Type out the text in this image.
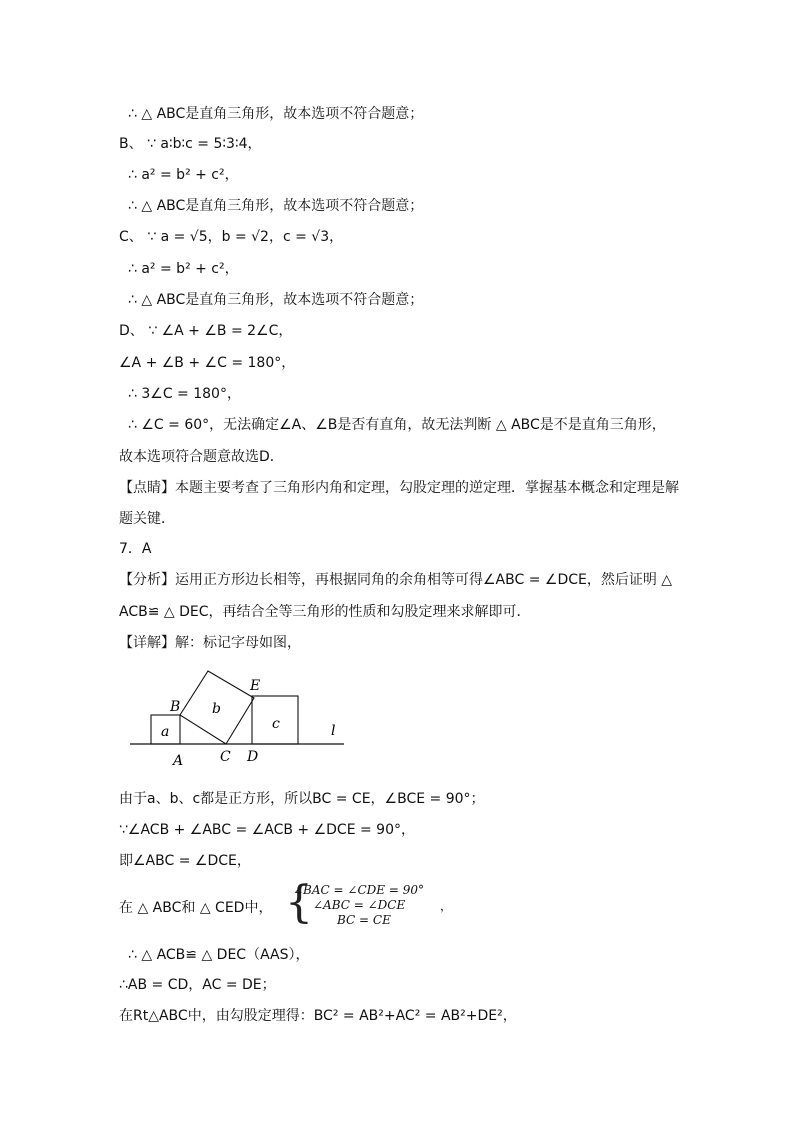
∴ △ ABC是直角三角形，故本选项不符合题意；
B、 ∵ a∶b∶c = 5∶3∶4，
∴ a² = b² + c²，
∴ △ ABC是直角三角形，故本选项不符合题意；
C、 ∵ a = √5，b = √2，c = √3，
∴ a² = b² + c²，
∴ △ ABC是直角三角形，故本选项不符合题意；
D、 ∵ ∠A + ∠B = 2∠C，
∠A + ∠B + ∠C = 180°，
∴ 3∠C = 180°，
∴ ∠C = 60°，无法确定∠A、∠B是否有直角，故无法判断 △ ABC是不是直角三角形，
故本选项符合题意故选D．
【点睛】本题主要考查了三角形内角和定理，勾股定理的逆定理．掌握基本概念和定理是解
题关键．
7．A
【分析】运用正方形边长相等，再根据同角的余角相等可得∠ABC = ∠DCE，然后证明 △
ACB≌ △ DEC，再结合全等三角形的性质和勾股定理来求解即可．
【详解】解：标记字母如图，
a
b
c	l
A
B
C D
E
由于a、b、c都是正方形，所以BC = CE，∠BCE = 90°；
∵∠ACB + ∠ABC = ∠ACB + ∠DCE = 90°，
即∠ABC = ∠DCE，
在 △ ABC和 △ CED中， {
∠BAC = ∠CDE = 90°
∠ABC = ∠DCE
BC = CE
，
∴ △ ACB≌ △ DEC（AAS），
∴AB = CD，AC = DE；
在Rt△ABC中，由勾股定理得：BC² = AB²+AC² = AB²+DE²，
